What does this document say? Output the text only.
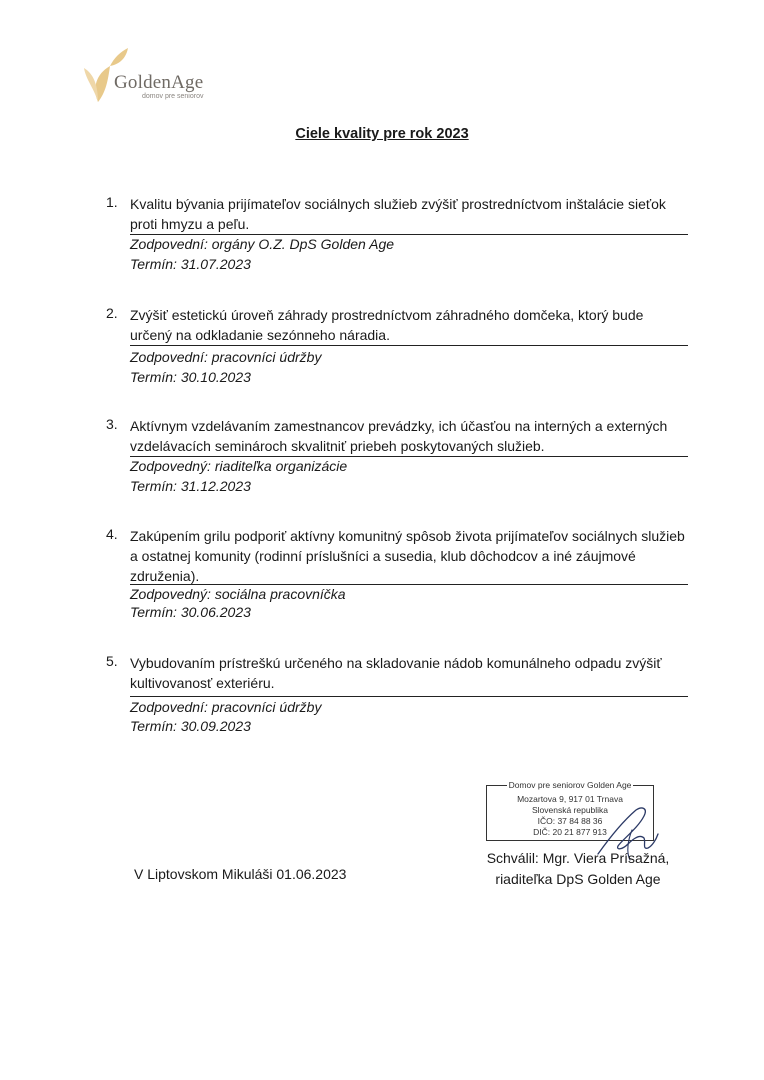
GoldenAge
domov pre seniorov
Ciele kvality pre rok 2023
1. Kvalitu bývania prijímateľov sociálnych služieb zvýšiť prostredníctvom inštalácie sieťok proti hmyzu a peľu.
Zodpovední: orgány O.Z. DpS Golden Age
Termín: 31.07.2023
2. Zvýšiť estetickú úroveň záhrady prostredníctvom záhradného domčeka, ktorý bude určený na odkladanie sezónneho náradia.
Zodpovední: pracovníci údržby
Termín: 30.10.2023
3. Aktívnym vzdelávaním zamestnancov prevádzky, ich účasťou na interných a externých vzdelávacích seminároch skvalitniť priebeh poskytovaných služieb.
Zodpovedný: riaditeľka organizácie
Termín: 31.12.2023
4. Zakúpením grilu podporiť aktívny komunitný spôsob života prijímateľov sociálnych služieb a ostatnej komunity (rodinní príslušníci a susedia, klub dôchodcov a iné záujmové združenia).
Zodpovedný: sociálna pracovníčka
Termín: 30.06.2023
5. Vybudovaním prístreškú určeného na skladovanie nádob komunálneho odpadu zvýšiť kultivovanosť exteriéru.
Zodpovední: pracovníci údržby
Termín: 30.09.2023
Domov pre seniorov Golden Age
Mozartova 9, 917 01 Trnava
Slovenská republika
IČO: 37 84 88 36
DIČ: 20 21 877 913
V Liptovskom Mikuláši 01.06.2023
Schválil: Mgr. Viera Prísažná,
riaditeľka DpS Golden Age
